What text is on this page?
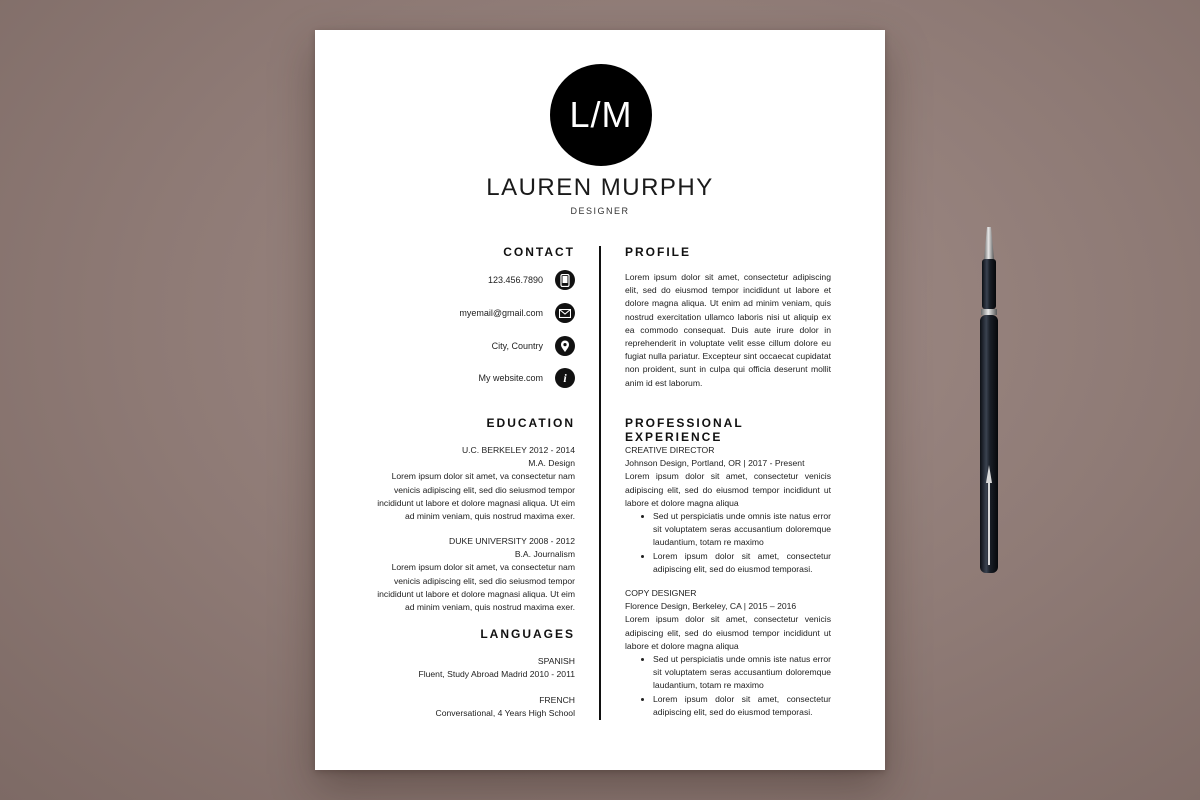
L/M
LAUREN MURPHY
DESIGNER
CONTACT
123.456.7890
myemail@gmail.com
City, Country
My website.com i
EDUCATION
U.C. BERKELEY 2012 - 2014
M.A. Design
Lorem ipsum dolor sit amet, va consectetur nam venicis adipiscing elit, sed dio seiusmod tempor incididunt ut labore et dolore magnasi aliqua. Ut eim ad minim veniam, quis nostrud maxima exer.
DUKE UNIVERSITY 2008 - 2012
B.A. Journalism
Lorem ipsum dolor sit amet, va consectetur nam venicis adipiscing elit, sed dio seiusmod tempor incididunt ut labore et dolore magnasi aliqua. Ut eim ad minim veniam, quis nostrud maxima exer.
LANGUAGES
SPANISH
Fluent, Study Abroad Madrid 2010 - 2011
FRENCH
Conversational, 4 Years High School
PROFILE
Lorem ipsum dolor sit amet, consectetur adipiscing elit, sed do eiusmod tempor incididunt ut labore et dolore magna aliqua. Ut enim ad minim veniam, quis nostrud exercitation ullamco laboris nisi ut aliquip ex ea commodo consequat. Duis aute irure dolor in reprehenderit in voluptate velit esse cillum dolore eu fugiat nulla pariatur. Excepteur sint occaecat cupidatat non proident, sunt in culpa qui officia deserunt mollit anim id est laborum.
PROFESSIONAL EXPERIENCE
CREATIVE DIRECTOR
Johnson Design, Portland, OR | 2017 - Present
Lorem ipsum dolor sit amet, consectetur venicis adipiscing elit, sed do eiusmod tempor incididunt ut labore et dolore magna aliqua
• Sed ut perspiciatis unde omnis iste natus error sit voluptatem seras accusantium doloremque laudantium, totam re maximo
• Lorem ipsum dolor sit amet, consectetur adipiscing elit, sed do eiusmod temporasi.
COPY DESIGNER
Florence Design, Berkeley, CA | 2015 – 2016
Lorem ipsum dolor sit amet, consectetur venicis adipiscing elit, sed do eiusmod tempor incididunt ut labore et dolore magna aliqua
• Sed ut perspiciatis unde omnis iste natus error sit voluptatem seras accusantium doloremque laudantium, totam re maximo
• Lorem ipsum dolor sit amet, consectetur adipiscing elit, sed do eiusmod temporasi.
